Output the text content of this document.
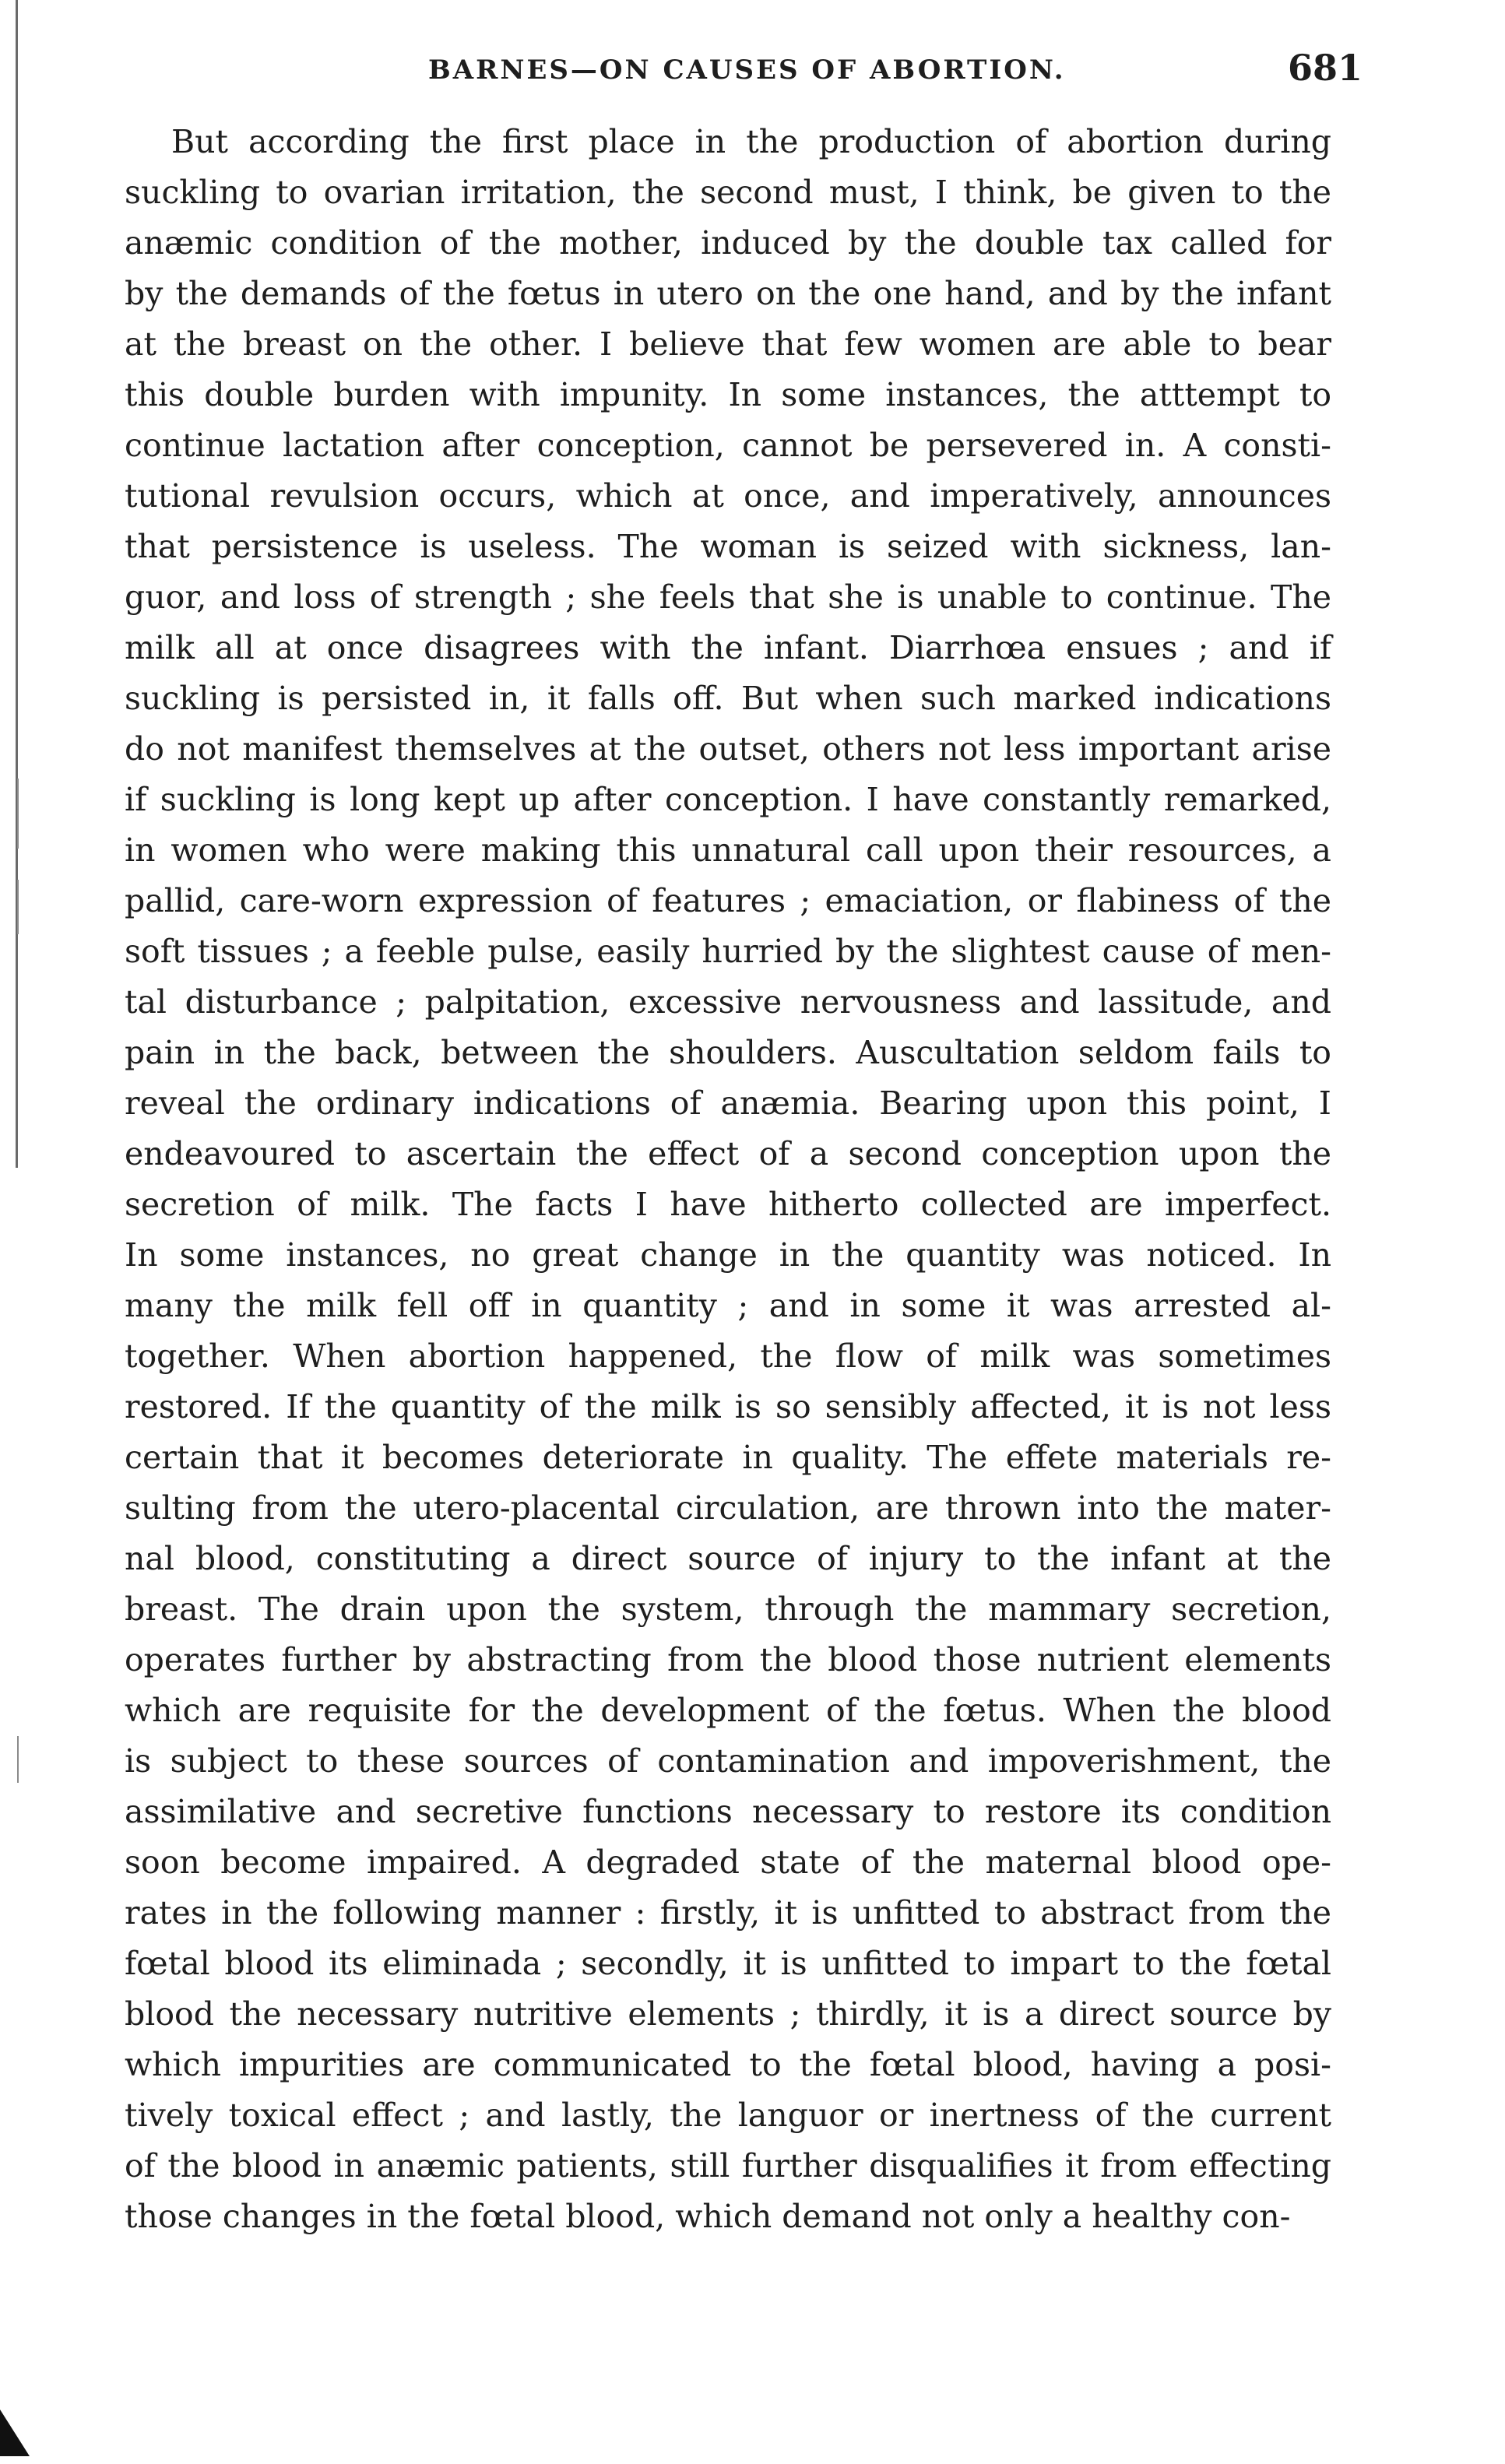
BARNES—ON CAUSES OF ABORTION.	681
But according the first place in the production of abortion during
suckling to ovarian irritation, the second must, I think, be given to the
anæmic condition of the mother, induced by the double tax called for
by the demands of the fœtus in utero on the one hand, and by the infant
at the breast on the other. I believe that few women are able to bear
this double burden with impunity. In some instances, the atttempt to
continue lactation after conception, cannot be persevered in. A consti-
tutional revulsion occurs, which at once, and imperatively, announces
that persistence is useless. The woman is seized with sickness, lan-
guor, and loss of strength ; she feels that she is unable to continue. The
milk all at once disagrees with the infant. Diarrhœa ensues ; and if
suckling is persisted in, it falls off. But when such marked indications
do not manifest themselves at the outset, others not less important arise
if suckling is long kept up after conception. I have constantly remarked,
in women who were making this unnatural call upon their resources, a
pallid, care-worn expression of features ; emaciation, or flabiness of the
soft tissues ; a feeble pulse, easily hurried by the slightest cause of men-
tal disturbance ; palpitation, excessive nervousness and lassitude, and
pain in the back, between the shoulders. Auscultation seldom fails to
reveal the ordinary indications of anæmia. Bearing upon this point, I
endeavoured to ascertain the effect of a second conception upon the
secretion of milk. The facts I have hitherto collected are imperfect.
In some instances, no great change in the quantity was noticed. In
many the milk fell off in quantity ; and in some it was arrested al-
together. When abortion happened, the flow of milk was sometimes
restored. If the quantity of the milk is so sensibly affected, it is not less
certain that it becomes deteriorate in quality. The effete materials re-
sulting from the utero-placental circulation, are thrown into the mater-
nal blood, constituting a direct source of injury to the infant at the
breast. The drain upon the system, through the mammary secretion,
operates further by abstracting from the blood those nutrient elements
which are requisite for the development of the fœtus. When the blood
is subject to these sources of contamination and impoverishment, the
assimilative and secretive functions necessary to restore its condition
soon become impaired. A degraded state of the maternal blood ope-
rates in the following manner : firstly, it is unfitted to abstract from the
fœtal blood its eliminada ; secondly, it is unfitted to impart to the fœtal
blood the necessary nutritive elements ; thirdly, it is a direct source by
which impurities are communicated to the fœtal blood, having a posi-
tively toxical effect ; and lastly, the languor or inertness of the current
of the blood in anæmic patients, still further disqualifies it from effecting
those changes in the fœtal blood, which demand not only a healthy con-
